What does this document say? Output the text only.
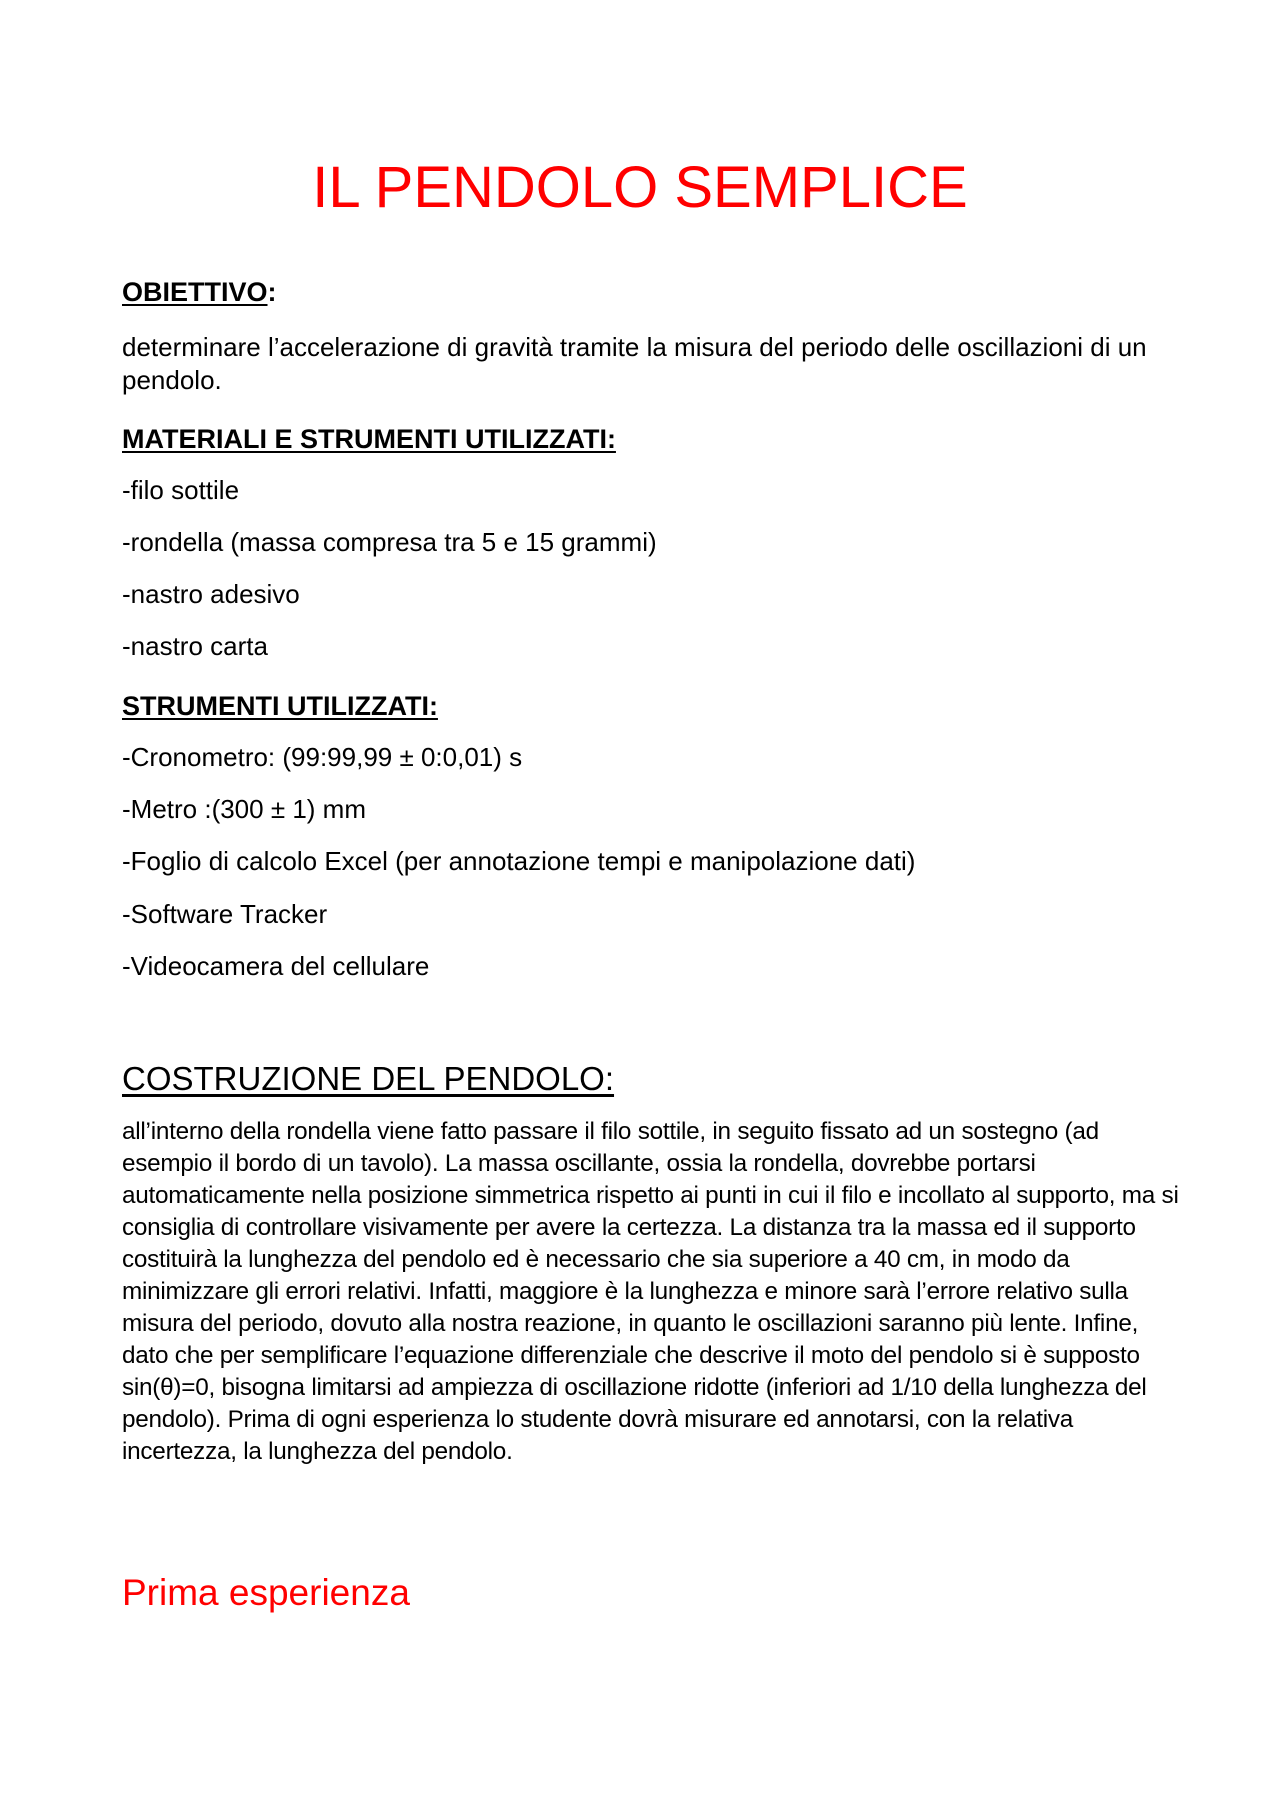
IL PENDOLO SEMPLICE
OBIETTIVO:

determinare l’accelerazione di gravità tramite la misura del periodo delle oscillazioni di un pendolo.

MATERIALI E STRUMENTI UTILIZZATI:

-filo sottile

-rondella (massa compresa tra 5 e 15 grammi)

-nastro adesivo

-nastro carta

STRUMENTI UTILIZZATI:

-Cronometro: (99:99,99 ± 0:0,01) s

-Metro :(300 ± 1) mm

-Foglio di calcolo Excel (per annotazione tempi e manipolazione dati)

-Software Tracker

-Videocamera del cellulare

COSTRUZIONE DEL PENDOLO:

all’interno della rondella viene fatto passare il filo sottile, in seguito fissato ad un sostegno (ad esempio il bordo di un tavolo). La massa oscillante, ossia la rondella, dovrebbe portarsi automaticamente nella posizione simmetrica rispetto ai punti in cui il filo e incollato al supporto, ma si consiglia di controllare visivamente per avere la certezza. La distanza tra la massa ed il supporto costituirà la lunghezza del pendolo ed è necessario che sia superiore a 40 cm, in modo da minimizzare gli errori relativi. Infatti, maggiore è la lunghezza e minore sarà l’errore relativo sulla misura del periodo, dovuto alla nostra reazione, in quanto le oscillazioni saranno più lente. Infine, dato che per semplificare l’equazione differenziale che descrive il moto del pendolo si è supposto sin(θ)=0, bisogna limitarsi ad ampiezza di oscillazione ridotte (inferiori ad 1/10 della lunghezza del pendolo). Prima di ogni esperienza lo studente dovrà misurare ed annotarsi, con la relativa incertezza, la lunghezza del pendolo.

Prima esperienza
